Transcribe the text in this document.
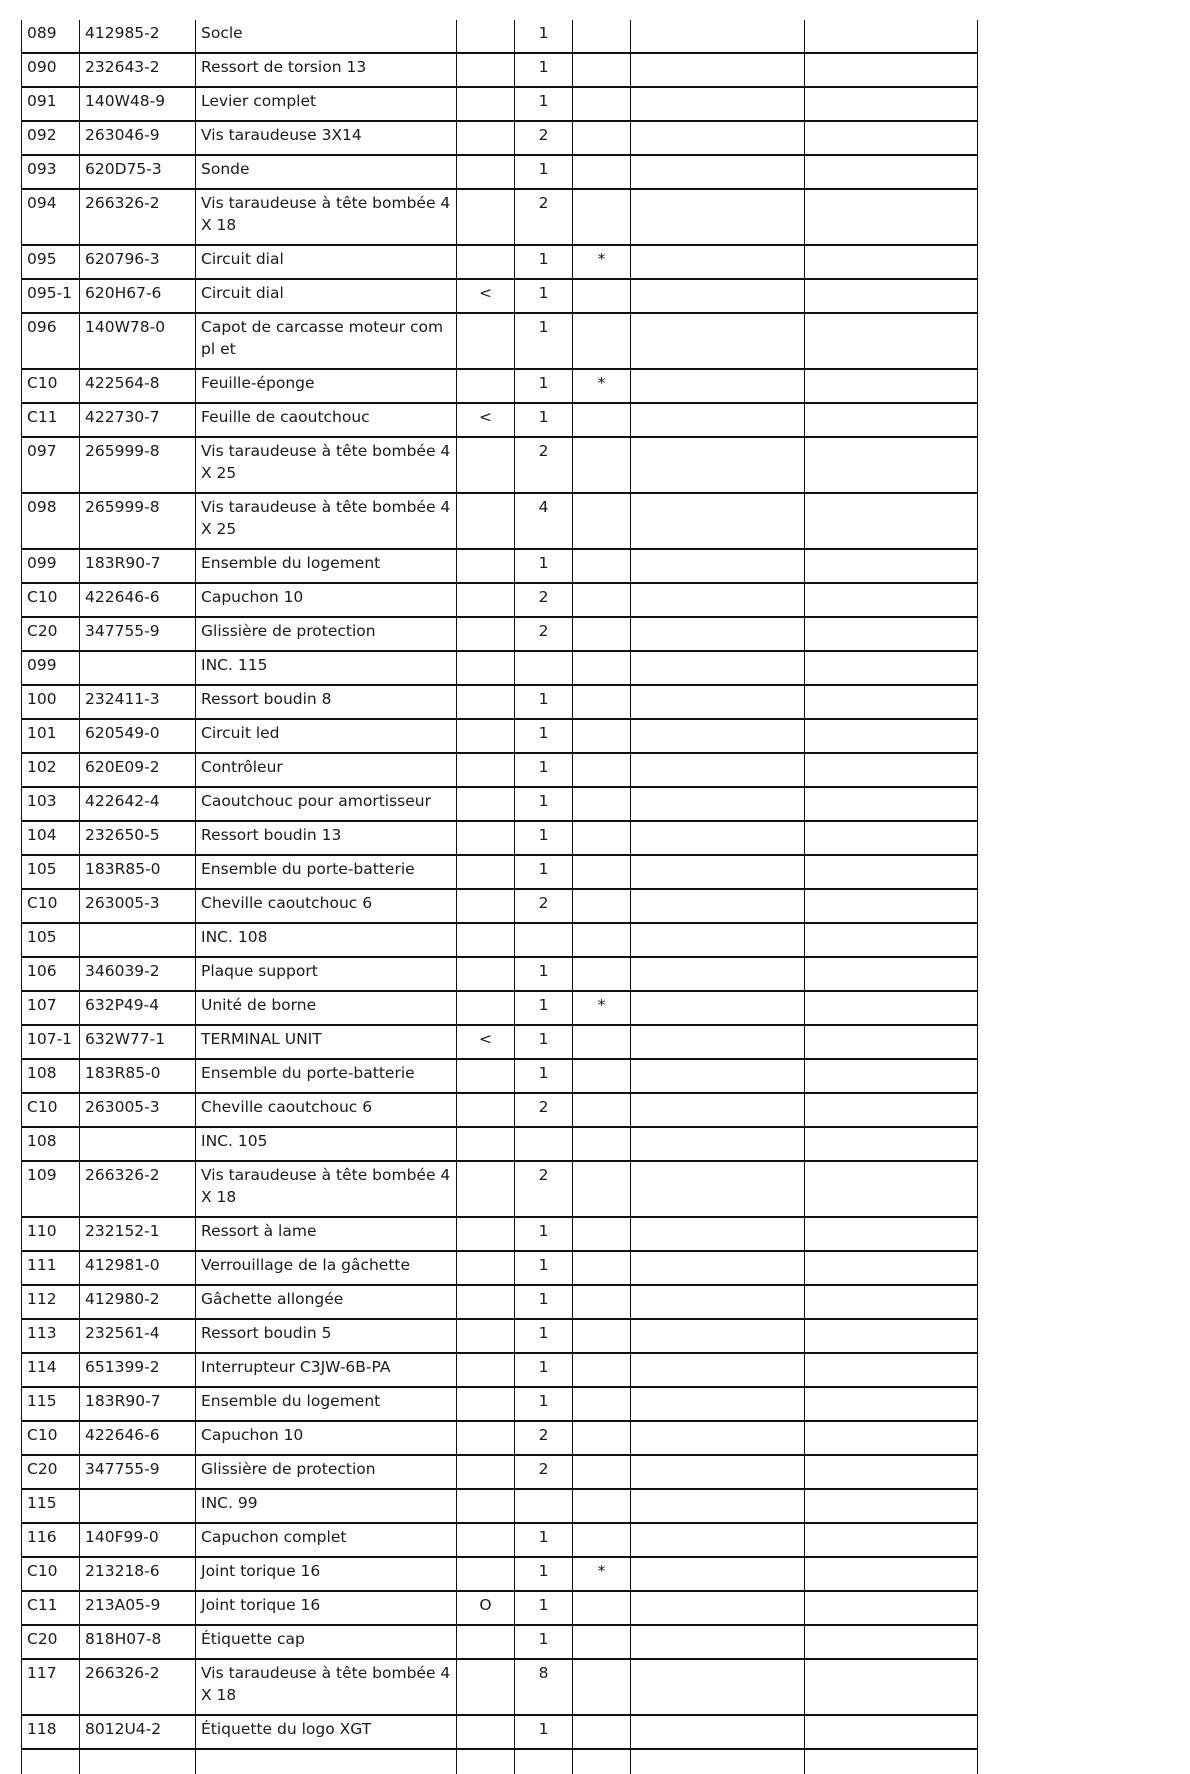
089	412985-2	Socle		1			
090	232643-2	Ressort de torsion 13		1			
091	140W48-9	Levier complet		1			
092	263046-9	Vis taraudeuse 3X14		2			
093	620D75-3	Sonde		1			
094	266326-2	Vis taraudeuse à tête bombée 4X 18		2			
095	620796-3	Circuit dial		1	*		
095-1	620H67-6	Circuit dial	<	1			
096	140W78-0	Capot de carcasse moteur compl et		1			
C10	422564-8	Feuille-éponge		1	*		
C11	422730-7	Feuille de caoutchouc	<	1			
097	265999-8	Vis taraudeuse à tête bombée 4X 25		2			
098	265999-8	Vis taraudeuse à tête bombée 4X 25		4			
099	183R90-7	Ensemble du logement		1			
C10	422646-6	Capuchon 10		2			
C20	347755-9	Glissière de protection		2			
099		INC. 115					
100	232411-3	Ressort boudin 8		1			
101	620549-0	Circuit led		1			
102	620E09-2	Contrôleur		1			
103	422642-4	Caoutchouc pour amortisseur		1			
104	232650-5	Ressort boudin 13		1			
105	183R85-0	Ensemble du porte-batterie		1			
C10	263005-3	Cheville caoutchouc 6		2			
105		INC. 108					
106	346039-2	Plaque support		1			
107	632P49-4	Unité de borne		1	*		
107-1	632W77-1	TERMINAL UNIT	<	1			
108	183R85-0	Ensemble du porte-batterie		1			
C10	263005-3	Cheville caoutchouc 6		2			
108		INC. 105					
109	266326-2	Vis taraudeuse à tête bombée 4X 18		2			
110	232152-1	Ressort à lame		1			
111	412981-0	Verrouillage de la gâchette		1			
112	412980-2	Gâchette allongée		1			
113	232561-4	Ressort boudin 5		1			
114	651399-2	Interrupteur C3JW-6B-PA		1			
115	183R90-7	Ensemble du logement		1			
C10	422646-6	Capuchon 10		2			
C20	347755-9	Glissière de protection		2			
115		INC. 99					
116	140F99-0	Capuchon complet		1			
C10	213218-6	Joint torique 16		1	*		
C11	213A05-9	Joint torique 16	O	1			
C20	818H07-8	Étiquette cap		1			
117	266326-2	Vis taraudeuse à tête bombée 4X 18		8			
118	8012U4-2	Étiquette du logo XGT		1			
